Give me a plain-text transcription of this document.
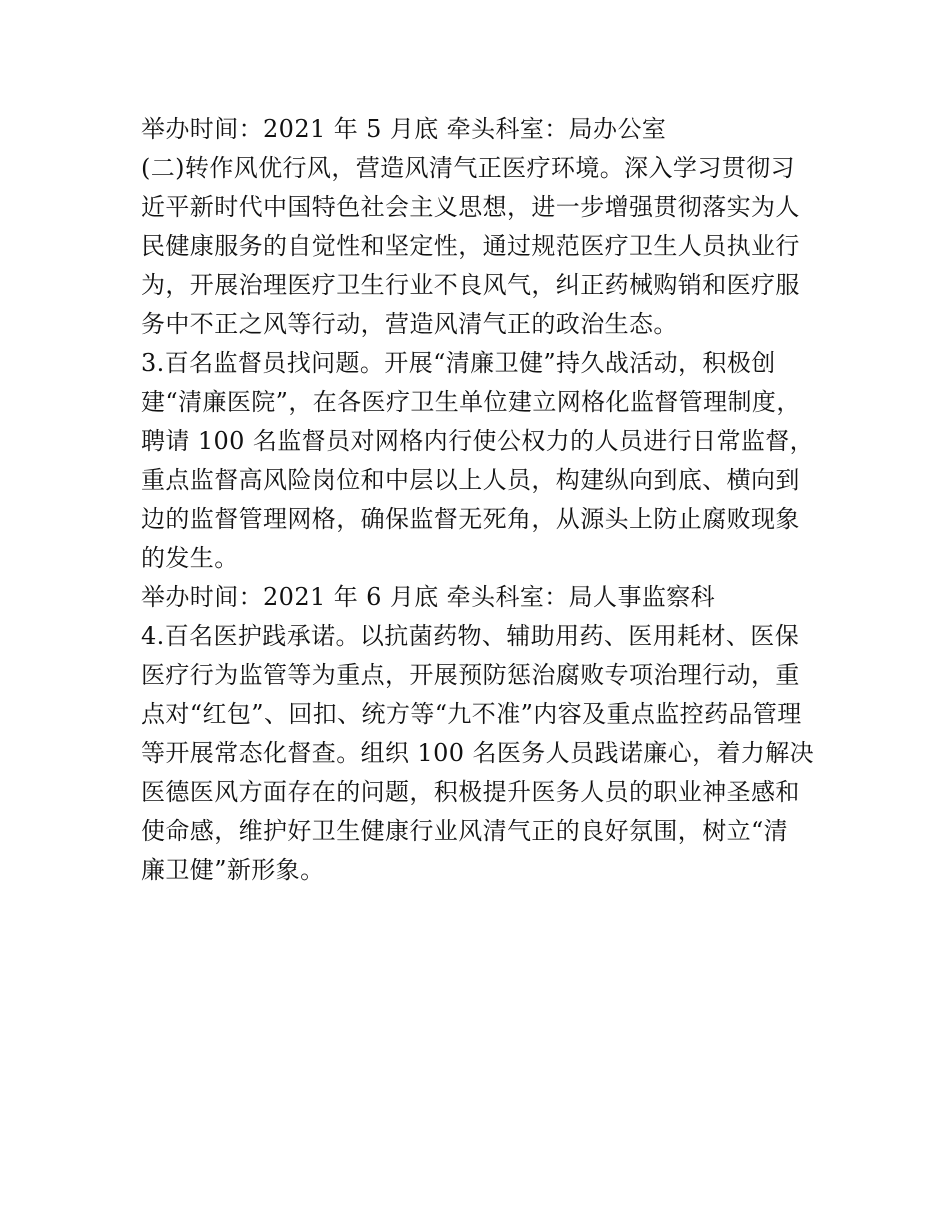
举办时间：2021 年 5 月底 牵头科室：局办公室
(二)转作风优行风，营造风清气正医疗环境。深入学习贯彻习
近平新时代中国特色社会主义思想，进一步增强贯彻落实为人
民健康服务的自觉性和坚定性，通过规范医疗卫生人员执业行
为，开展治理医疗卫生行业不良风气，纠正药械购销和医疗服
务中不正之风等行动，营造风清气正的政治生态。
3.百名监督员找问题。开展“清廉卫健”持久战活动，积极创
建“清廉医院”，在各医疗卫生单位建立网格化监督管理制度，
聘请 100 名监督员对网格内行使公权力的人员进行日常监督，
重点监督高风险岗位和中层以上人员，构建纵向到底、横向到
边的监督管理网格，确保监督无死角，从源头上防止腐败现象
的发生。
举办时间：2021 年 6 月底 牵头科室：局人事监察科
4.百名医护践承诺。以抗菌药物、辅助用药、医用耗材、医保
医疗行为监管等为重点，开展预防惩治腐败专项治理行动，重
点对“红包”、回扣、统方等“九不准”内容及重点监控药品管理
等开展常态化督查。组织 100 名医务人员践诺廉心，着力解决
医德医风方面存在的问题，积极提升医务人员的职业神圣感和
使命感，维护好卫生健康行业风清气正的良好氛围，树立“清
廉卫健”新形象。
